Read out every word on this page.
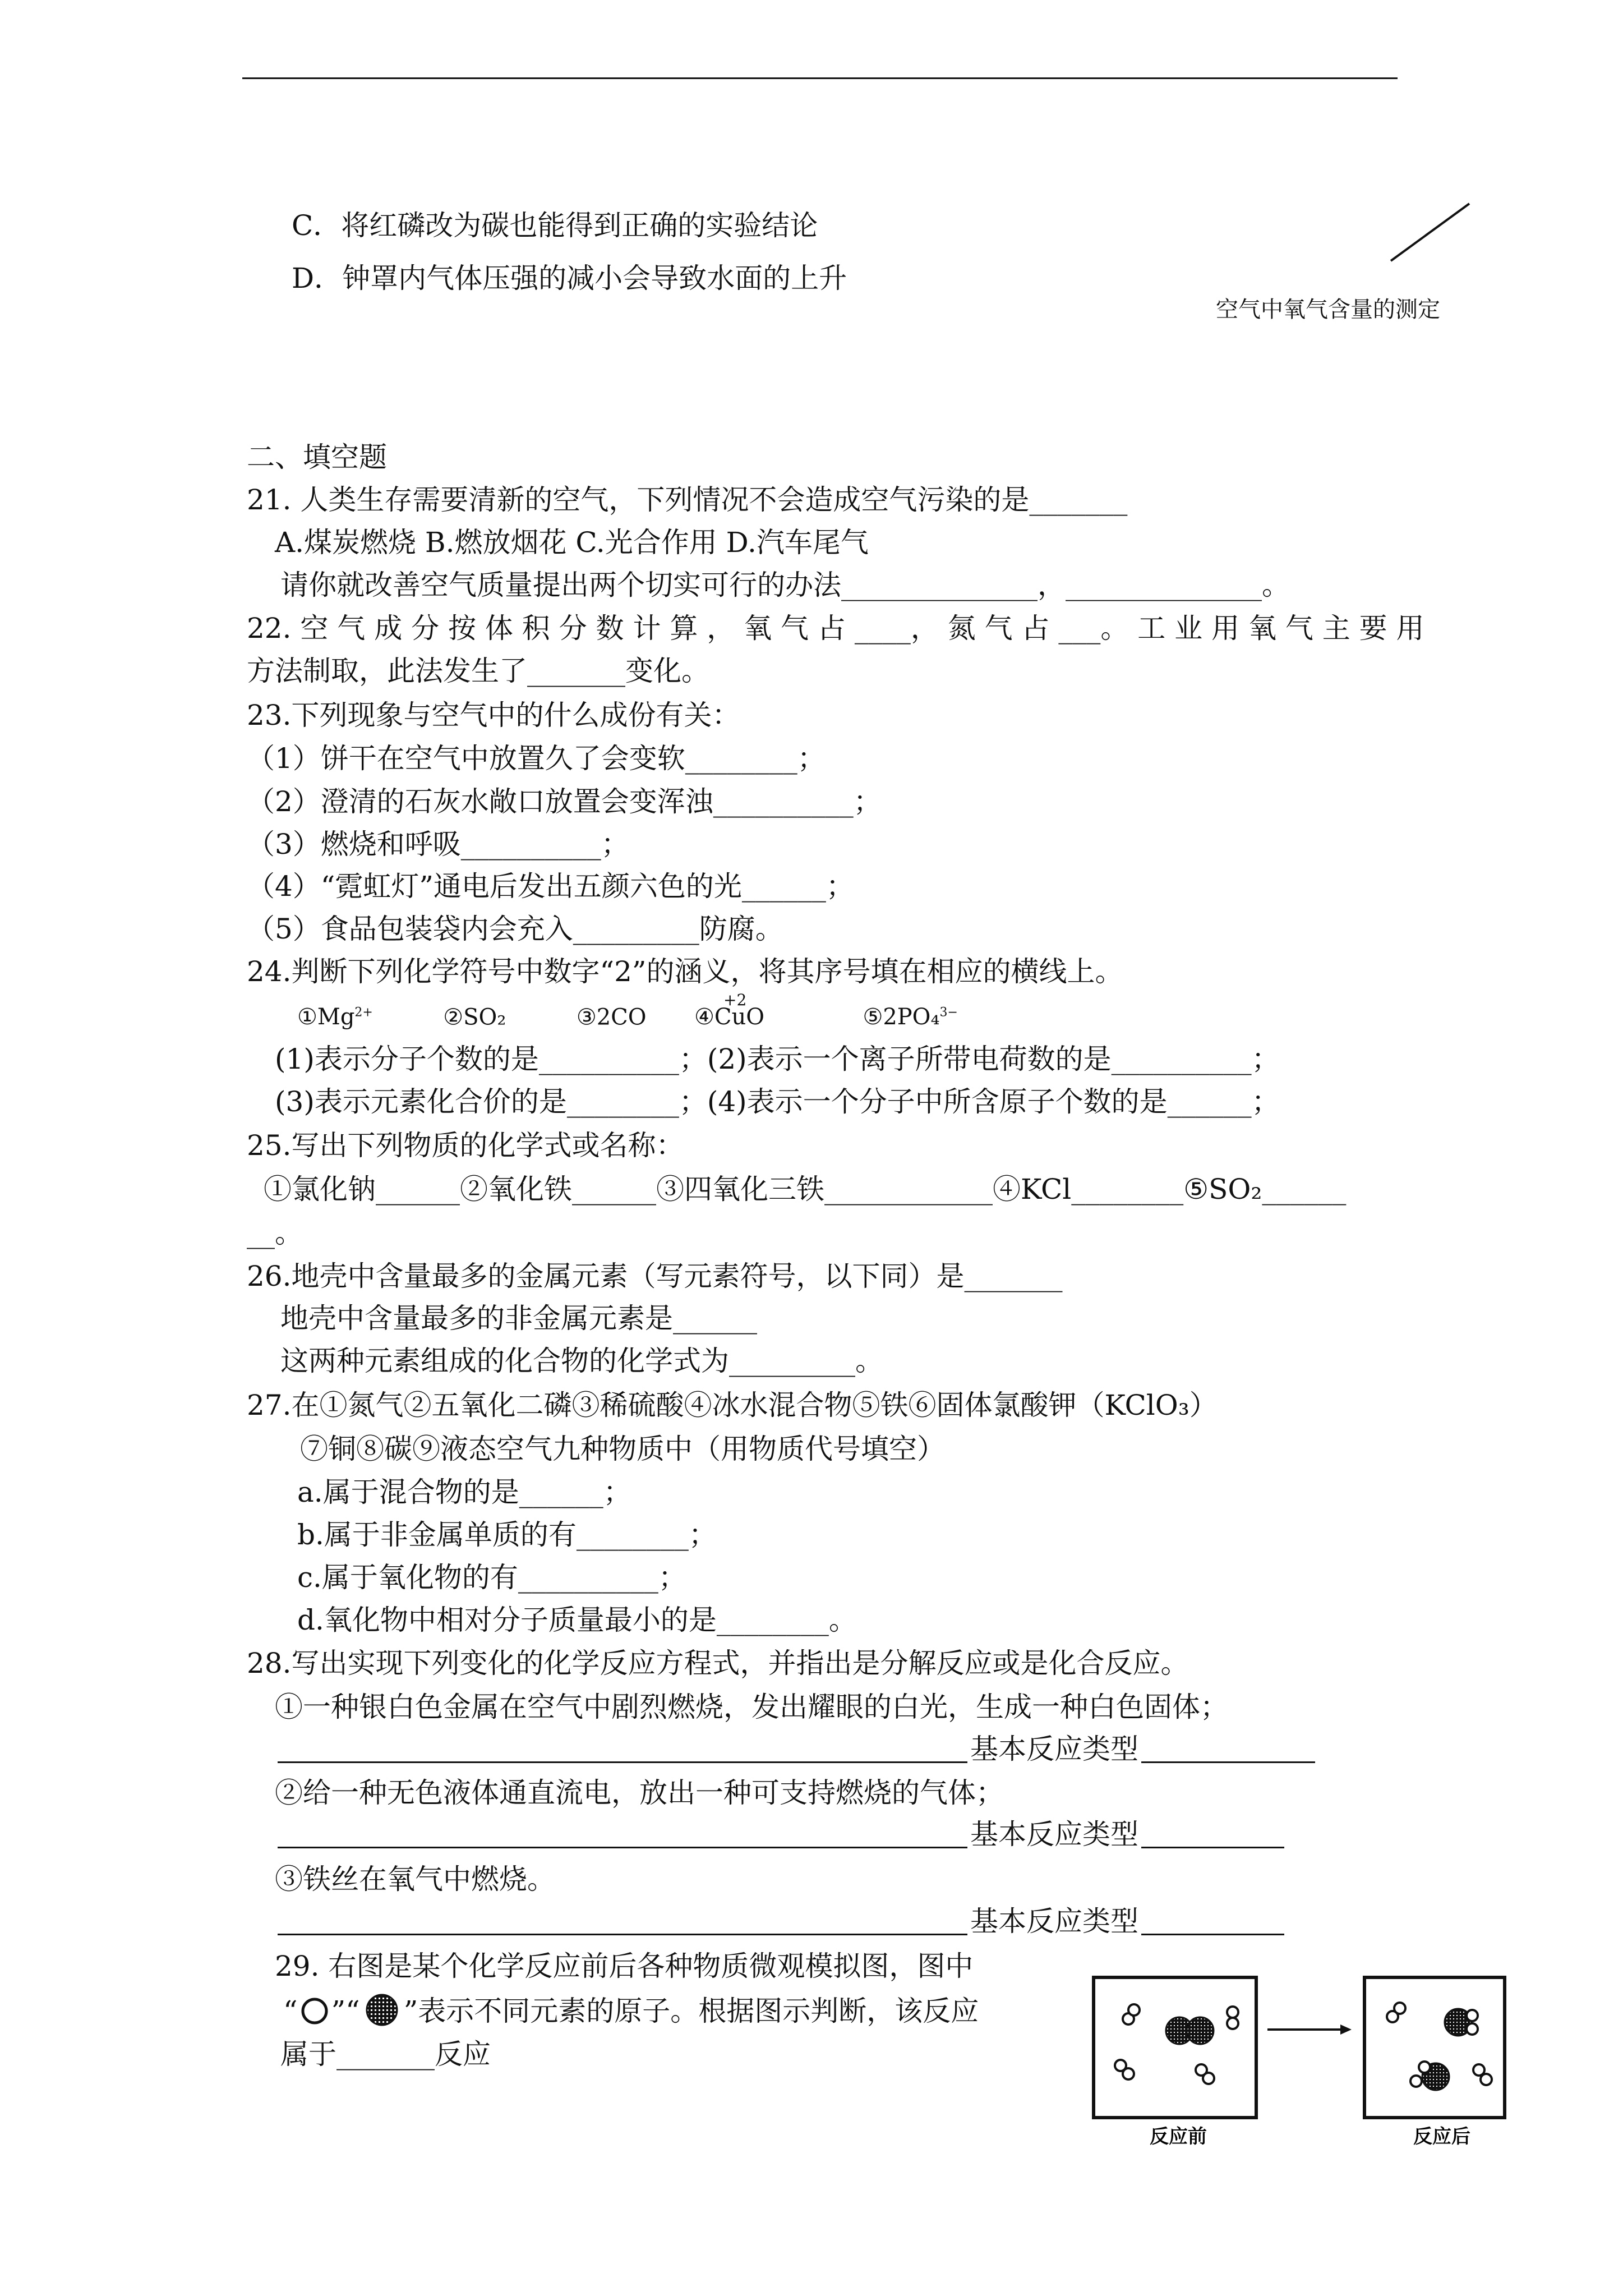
C．将红磷改为碳也能得到正确的实验结论
D．钟罩内气体压强的减小会导致水面的上升
空气中氧气含量的测定
二、填空题
21. 人类生存需要清新的空气，下列情况不会造成空气污染的是_______
A.煤炭燃烧 B.燃放烟花 C.光合作用 D.汽车尾气
请你就改善空气质量提出两个切实可行的办法______________，______________。
22. 空 气 成 分 按 体 积 分 数 计 算 ， 氧 气 占 ____， 氮 气 占 ___。 工 业 用 氧 气 主 要 用
方法制取，此法发生了_______变化。
23.下列现象与空气中的什么成份有关：
（1）饼干在空气中放置久了会变软________；
（2）澄清的石灰水敞口放置会变浑浊__________；
（3）燃烧和呼吸__________；
（4）“霓虹灯”通电后发出五颜六色的光______；
（5）食品包装袋内会充入_________防腐。
24.判断下列化学符号中数字“2”的涵义，将其序号填在相应的横线上。
$①Mg^{2+}$	②SO₂	③2CO
+2
④CuO	⑤2PO₄$^{3-}$
(1)表示分子个数的是__________；(2)表示一个离子所带电荷数的是__________；
(3)表示元素化合价的是________；(4)表示一个分子中所含原子个数的是______；
25.写出下列物质的化学式或名称：
①氯化钠______②氧化铁______③四氧化三铁____________④KCl________⑤SO₂______
__。
26.地壳中含量最多的金属元素（写元素符号，以下同）是_______
地壳中含量最多的非金属元素是______
这两种元素组成的化合物的化学式为_________。
27.在①氮气②五氧化二磷③稀硫酸④冰水混合物⑤铁⑥固体氯酸钾（KClO₃）
⑦铜⑧碳⑨液态空气九种物质中（用物质代号填空）
a.属于混合物的是______；
b.属于非金属单质的有________；
c.属于氧化物的有__________；
d.氧化物中相对分子质量最小的是________。
28.写出实现下列变化的化学反应方程式，并指出是分解反应或是化合反应。
①一种银白色金属在空气中剧烈燃烧，发出耀眼的白光，生成一种白色固体；
基本反应类型
②给一种无色液体通直流电，放出一种可支持燃烧的气体；
基本反应类型
③铁丝在氧气中燃烧。
基本反应类型
29. 右图是某个化学反应前后各种物质微观模拟图，图中
“ ”“ ”表示不同元素的原子。根据图示判断，该反应
属于_______反应
反应前	反应后
